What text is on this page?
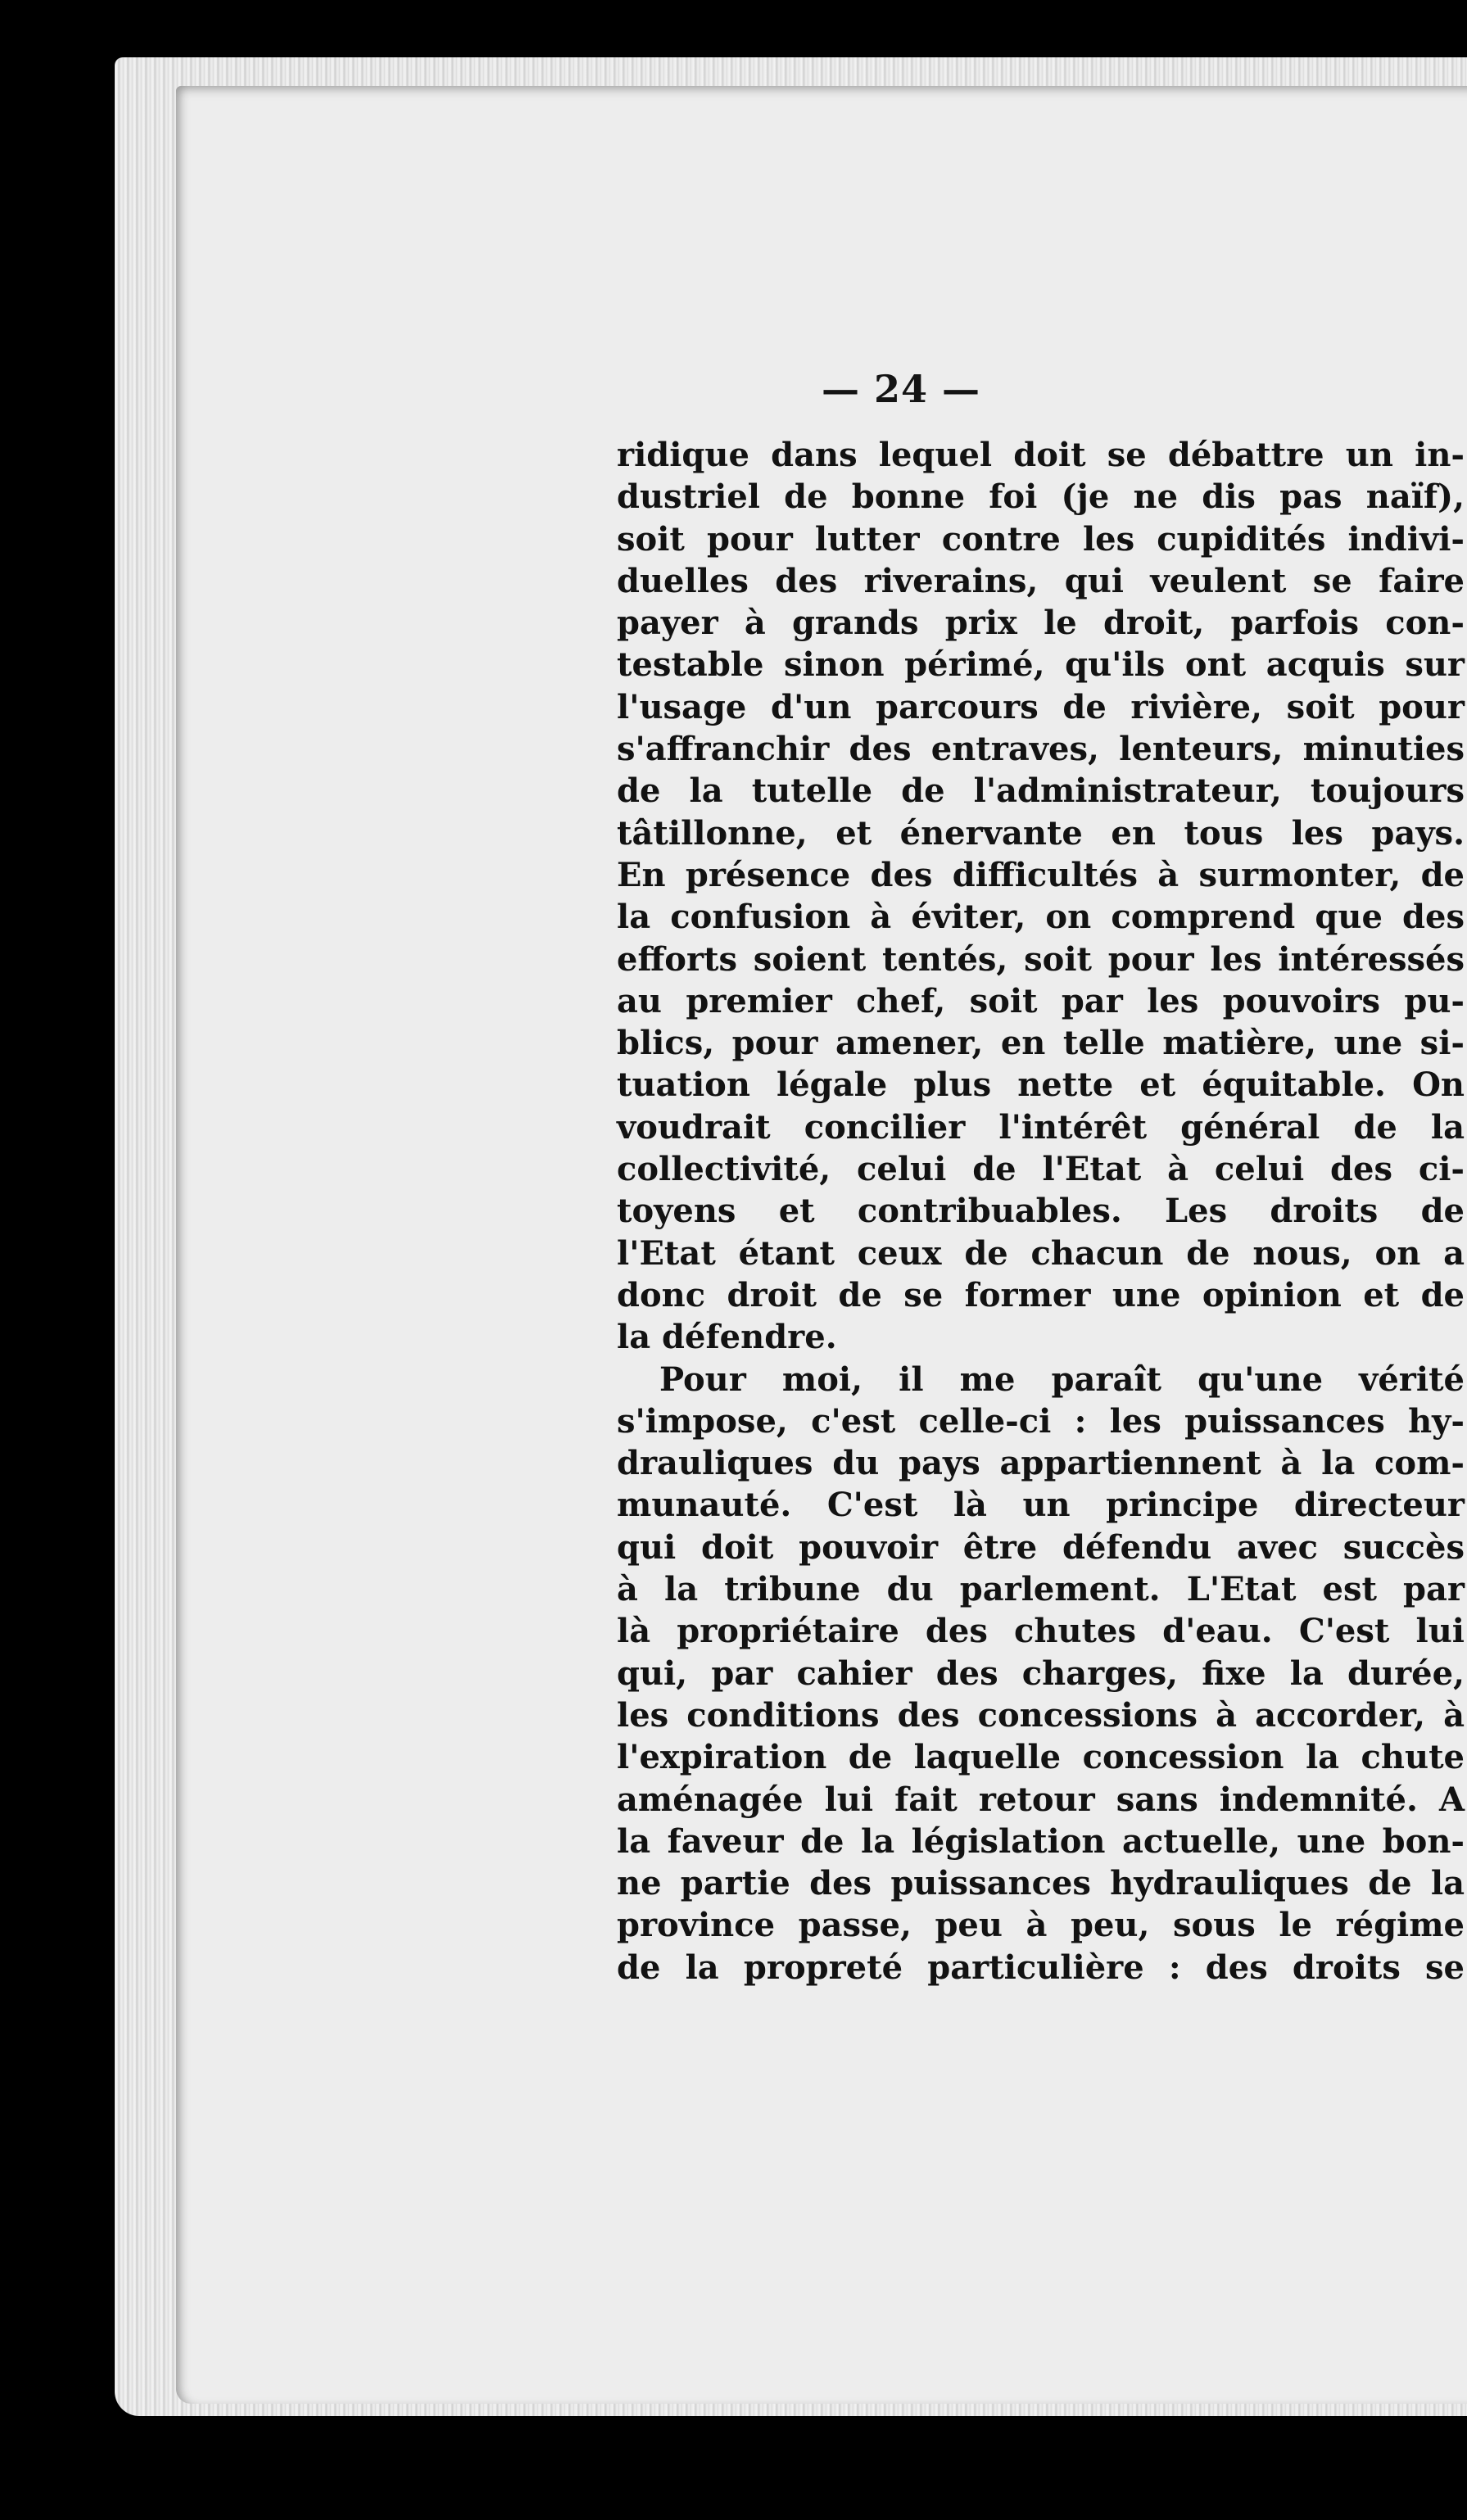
— 24 —
ridique dans lequel doit se débattre un in-
dustriel de bonne foi (je ne dis pas naïf),
soit pour lutter contre les cupidités indivi-
duelles des riverains, qui veulent se faire
payer à grands prix le droit, parfois con-
testable sinon périmé, qu'ils ont acquis sur
l'usage d'un parcours de rivière, soit pour
s'affranchir des entraves, lenteurs, minuties
de la tutelle de l'administrateur, toujours
tâtillonne, et énervante en tous les pays.
En présence des difficultés à surmonter, de
la confusion à éviter, on comprend que des
efforts soient tentés, soit pour les intéressés
au premier chef, soit par les pouvoirs pu-
blics, pour amener, en telle matière, une si-
tuation légale plus nette et équitable. On
voudrait concilier l'intérêt général de la
collectivité, celui de l'Etat à celui des ci-
toyens et contribuables. Les droits de
l'Etat étant ceux de chacun de nous, on a
donc droit de se former une opinion et de
la défendre.
Pour moi, il me paraît qu'une vérité
s'impose, c'est celle-ci : les puissances hy-
drauliques du pays appartiennent à la com-
munauté. C'est là un principe directeur
qui doit pouvoir être défendu avec succès
à la tribune du parlement. L'Etat est par
là propriétaire des chutes d'eau. C'est lui
qui, par cahier des charges, fixe la durée,
les conditions des concessions à accorder, à
l'expiration de laquelle concession la chute
aménagée lui fait retour sans indemnité. A
la faveur de la législation actuelle, une bon-
ne partie des puissances hydrauliques de la
province passe, peu à peu, sous le régime
de la propreté particulière : des droits se
